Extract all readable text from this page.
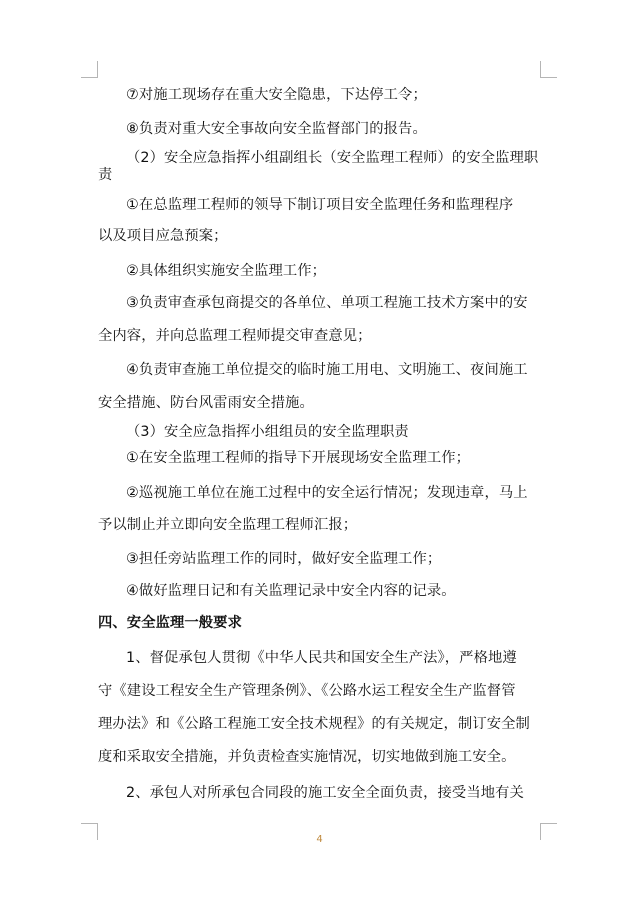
⑦对施工现场存在重大安全隐患，下达停工令；
⑧负责对重大安全事故向安全监督部门的报告。
（2）安全应急指挥小组副组长（安全监理工程师）的安全监理职
责
①在总监理工程师的领导下制订项目安全监理任务和监理程序
以及项目应急预案；
②具体组织实施安全监理工作；
③负责审查承包商提交的各单位、单项工程施工技术方案中的安
全内容，并向总监理工程师提交审查意见；
④负责审查施工单位提交的临时施工用电、文明施工、夜间施工
安全措施、防台风雷雨安全措施。
（3）安全应急指挥小组组员的安全监理职责
①在安全监理工程师的指导下开展现场安全监理工作；
②巡视施工单位在施工过程中的安全运行情况；发现违章，马上
予以制止并立即向安全监理工程师汇报；
③担任旁站监理工作的同时，做好安全监理工作；
④做好监理日记和有关监理记录中安全内容的记录。
四、安全监理一般要求
1、督促承包人贯彻《中华人民共和国安全生产法》，严格地遵
守《建设工程安全生产管理条例》、《公路水运工程安全生产监督管
理办法》和《公路工程施工安全技术规程》的有关规定，制订安全制
度和采取安全措施，并负责检查实施情况，切实地做到施工安全。
2、承包人对所承包合同段的施工安全全面负责，接受当地有关
4
